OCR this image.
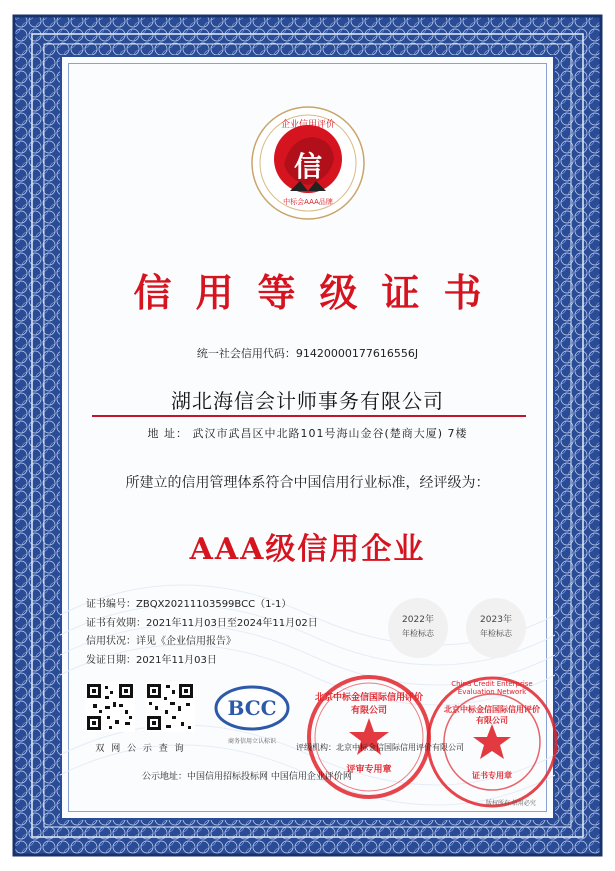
信
企业信用评价
中标会AAA品牌
信用等级证书
统一社会信用代码：91420000177616556J
湖北海信会计师事务有限公司
地 址： 武汉市武昌区中北路101号海山金谷(楚商大厦) 7楼
所建立的信用管理体系符合中国信用行业标准，经评级为：
AAA级信用企业
证书编号：ZBQX20211103599BCC（1-1）
证书有效期：2021年11月03日至2024年11月02日
信用状况：详见《企业信用报告》
发证日期：2021年11月03日
2022年
年检标志
2023年
年检标志
双 网 公 示 查 询
BCC
商务信用立认标识
北京中标金信国际信用评价有限公司
评审专用章
China Credit Enterprise Evaluation Network
北京中标金信国际信用评价有限公司
证书专用章
评级机构：北京中标金信国际信用评价有限公司
公示地址：中国信用招标投标网 中国信用企业评价网
版权所有 信用必究
